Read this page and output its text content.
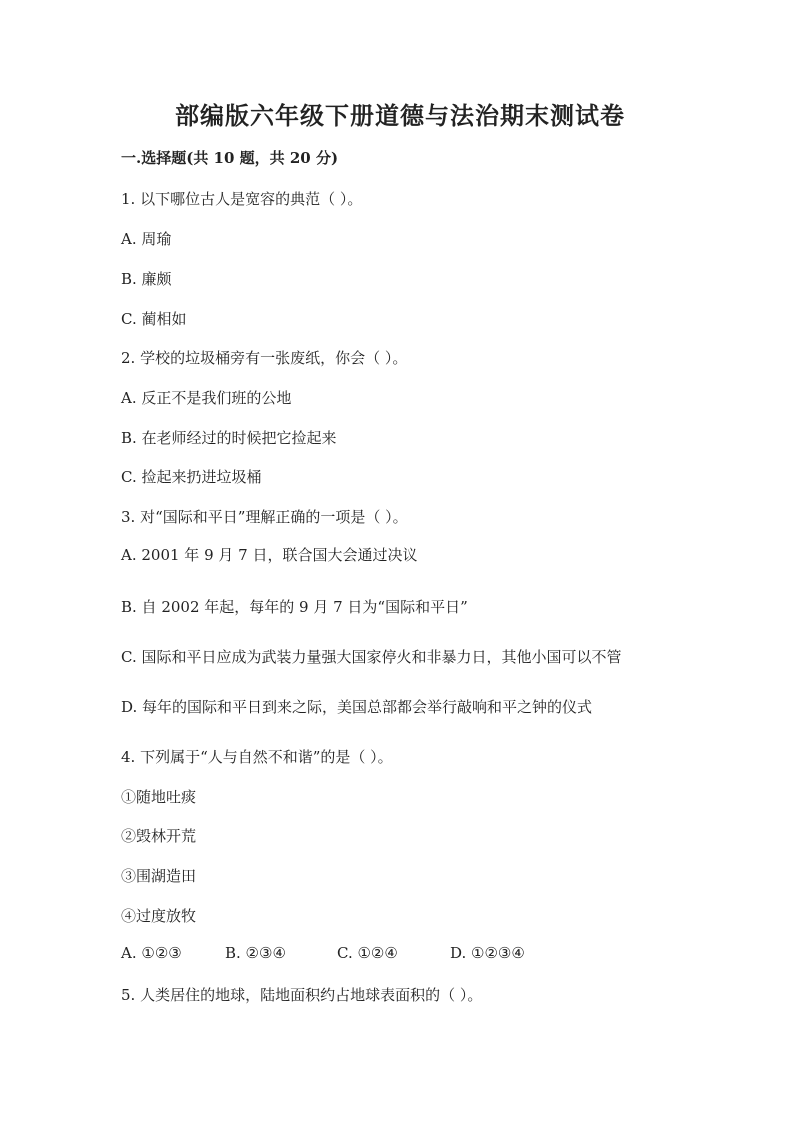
部编版六年级下册道德与法治期末测试卷
一.选择题(共 10 题，共 20 分)
1. 以下哪位古人是宽容的典范（ ）。
A. 周瑜
B. 廉颇
C. 蔺相如
2. 学校的垃圾桶旁有一张废纸，你会（ ）。
A. 反正不是我们班的公地
B. 在老师经过的时候把它捡起来
C. 捡起来扔进垃圾桶
3. 对“国际和平日”理解正确的一项是（ ）。
A. 2001 年 9 月 7 日，联合国大会通过决议
B. 自 2002 年起，每年的 9 月 7 日为“国际和平日”
C. 国际和平日应成为武装力量强大国家停火和非暴力日，其他小国可以不管
D. 每年的国际和平日到来之际，美国总部都会举行敲响和平之钟的仪式
4. 下列属于“人与自然不和谐”的是（ ）。
①随地吐痰
②毁林开荒
③围湖造田
④过度放牧
A. ①②③	B. ②③④	C. ①②④	D. ①②③④
5. 人类居住的地球，陆地面积约占地球表面积的（ ）。
